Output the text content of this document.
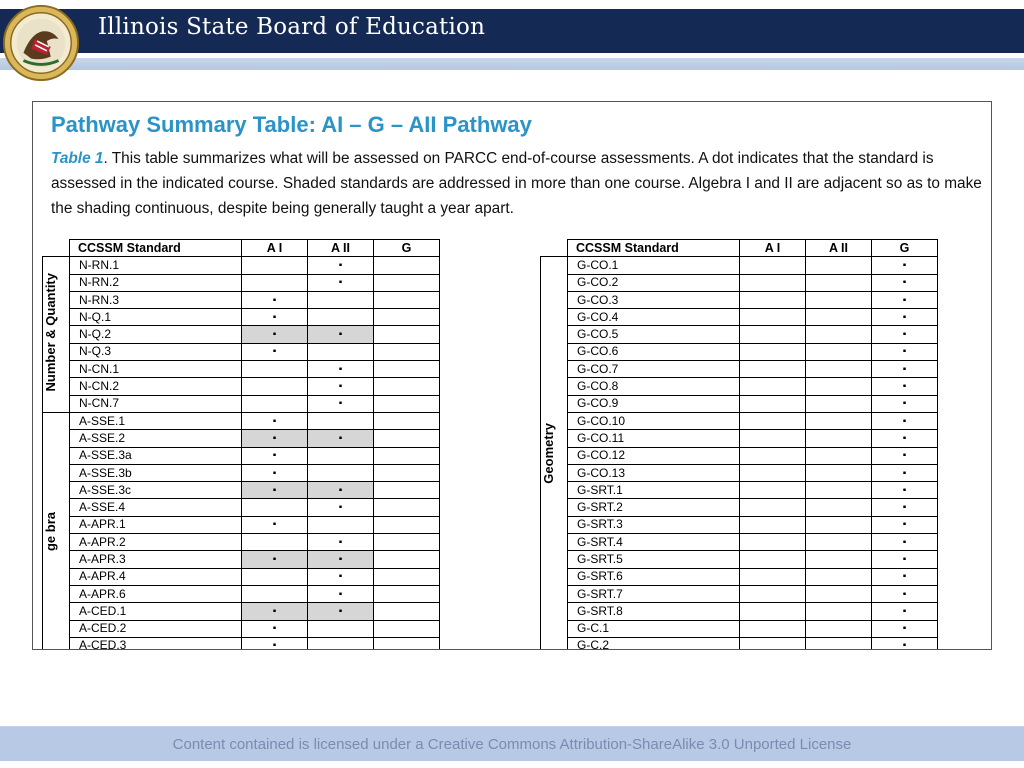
Illinois State Board of Education
Pathway Summary Table: AI – G – AII Pathway
Table 1. This table summarizes what will be assessed on PARCC end-of-course assessments. A dot indicates that the standard is assessed in the indicated course. Shaded standards are addressed in more than one course. Algebra I and II are adjacent so as to make the shading continuous, despite being generally taught a year apart.
	CCSSM Standard	A I	A II	G
Number & Quantity	N-RN.1		▪	
	N-RN.2		▪	
	N-RN.3	▪		
	N-Q.1	▪		
	N-Q.2	▪	▪	
	N-Q.3	▪		
	N-CN.1		▪	
	N-CN.2		▪	
	N-CN.7		▪	
ge bra	A-SSE.1	▪		
	A-SSE.2	▪	▪	
	A-SSE.3a	▪		
	A-SSE.3b	▪		
	A-SSE.3c	▪	▪	
	A-SSE.4		▪	
	A-APR.1	▪		
	A-APR.2		▪	
	A-APR.3	▪	▪	
	A-APR.4		▪	
	A-APR.6		▪	
	A-CED.1	▪	▪	
	A-CED.2	▪		
	A-CED.3	▪		
	CCSSM Standard	A I	A II	G
Geometry	G-CO.1			▪
	G-CO.2			▪
	G-CO.3			▪
	G-CO.4			▪
	G-CO.5			▪
	G-CO.6			▪
	G-CO.7			▪
	G-CO.8			▪
	G-CO.9			▪
	G-CO.10			▪
	G-CO.11			▪
	G-CO.12			▪
	G-CO.13			▪
	G-SRT.1			▪
	G-SRT.2			▪
	G-SRT.3			▪
	G-SRT.4			▪
	G-SRT.5			▪
	G-SRT.6			▪
	G-SRT.7			▪
	G-SRT.8			▪
	G-C.1			▪
	G-C.2			▪
Content contained is licensed under a Creative Commons Attribution-ShareAlike 3.0 Unported License
